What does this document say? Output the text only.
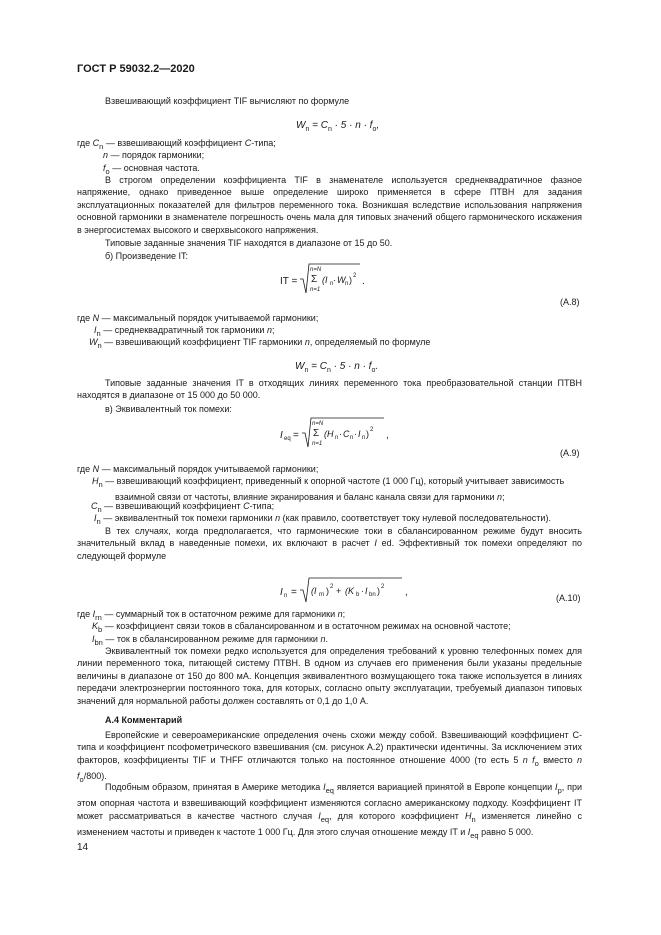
ГОСТ Р 59032.2—2020
Взвешивающий коэффициент TIF вычисляют по формуле
$W_n = C_n \cdot 5 \cdot n \cdot f_o$,
где $C_n$ — взвешивающий коэффициент С-типа;
n — порядок гармоники;
$f_o$ — основная частота.
В строгом определении коэффициента TIF в знаменателе используется среднеквадратичное фазное напряжение, однако приведенное выше определение широко применяется в сфере ПТВН для задания эксплуатационных показателей для фильтров переменного тока. Возникшая вследствие использования напряжения основной гармоники в знаменателе погрешность очень мала для типовых значений общего гармонического искажения в энергосистемах высокого и сверхвысокого напряжения.
Типовые заданные значения TIF находятся в диапазоне от 15 до 50.
б) Произведение IT:
IT =
n=N
Σ
n=1
(I n · W n ) 2 .
(А.8)
где N — максимальный порядок учитываемой гармоники;
$I_n$ — среднеквадратичный ток гармоники n;
$W_n$ — взвешивающий коэффициент TIF гармоники n, определяемый по формуле
$W_n = C_n \cdot 5 \cdot n \cdot f_o$.
Типовые заданные значения IT в отходящих линиях переменного тока преобразовательной станции ПТВН находятся в диапазоне от 15 000 до 50 000.
в) Эквивалентный ток помехи:
I eq =
n=N
Σ
n=1
(H n · C n · I n ) 2 ,
(А.9)
где N — максимальный порядок учитываемой гармоники;
$H_n$ — взвешивающий коэффициент, приведенный к опорной частоте (1 000 Гц), который учитывает зависимость
взаимной связи от частоты, влияние экранирования и баланс канала связи для гармоники n;
$C_n$ — взвешивающий коэффициент С-типа;
$I_n$ — эквивалентный ток помехи гармоники n (как правило, соответствует току нулевой последовательности).
В тех случаях, когда предполагается, что гармонические токи в сбалансированном режиме будут вносить значительный вклад в наведенные помехи, их включают в расчет I ed. Эффективный ток помехи определяют по следующей формуле
I n = (I rn ) 2 + (K b · I bn ) 2 ,	(А.10)
где $I_{rn}$ — суммарный ток в остаточном режиме для гармоники n;
$K_b$ — коэффициент связи токов в сбалансированном и в остаточном режимах на основной частоте;
$I_{bn}$ — ток в сбалансированном режиме для гармоники n.
Эквивалентный ток помехи редко используется для определения требований к уровню телефонных помех для линии переменного тока, питающей систему ПТВН. В одном из случаев его применения были указаны предельные величины в диапазоне от 150 до 800 мА. Концепция эквивалентного возмущающего тока также используется в линиях передачи электроэнергии постоянного тока, для которых, согласно опыту эксплуатации, требуемый диапазон типовых значений для нормальной работы должен составлять от 0,1 до 1,0 А.
А.4 Комментарий
Европейские и североамериканские определения очень схожи между собой. Взвешивающий коэффициент С-типа и коэффициент псофометрического взвешивания (см. рисунок А.2) практически идентичны. За исключением этих факторов, коэффициенты TIF и THFF отличаются только на постоянное отношение 4000 (то есть 5 n $f_o$ вместо n $f_o/800$).
Подобным образом, принятая в Америке методика $I_{eq}$ является вариацией принятой в Европе концепции $I_p$, при этом опорная частота и взвешивающий коэффициент изменяются согласно американскому подходу. Коэффициент IT может рассматриваться в качестве частного случая $I_{eq}$, для которого коэффициент $H_n$ изменяется линейно с изменением частоты и приведен к частоте 1 000 Гц. Для этого случая отношение между IT и $I_{eq}$ равно 5 000.
14
